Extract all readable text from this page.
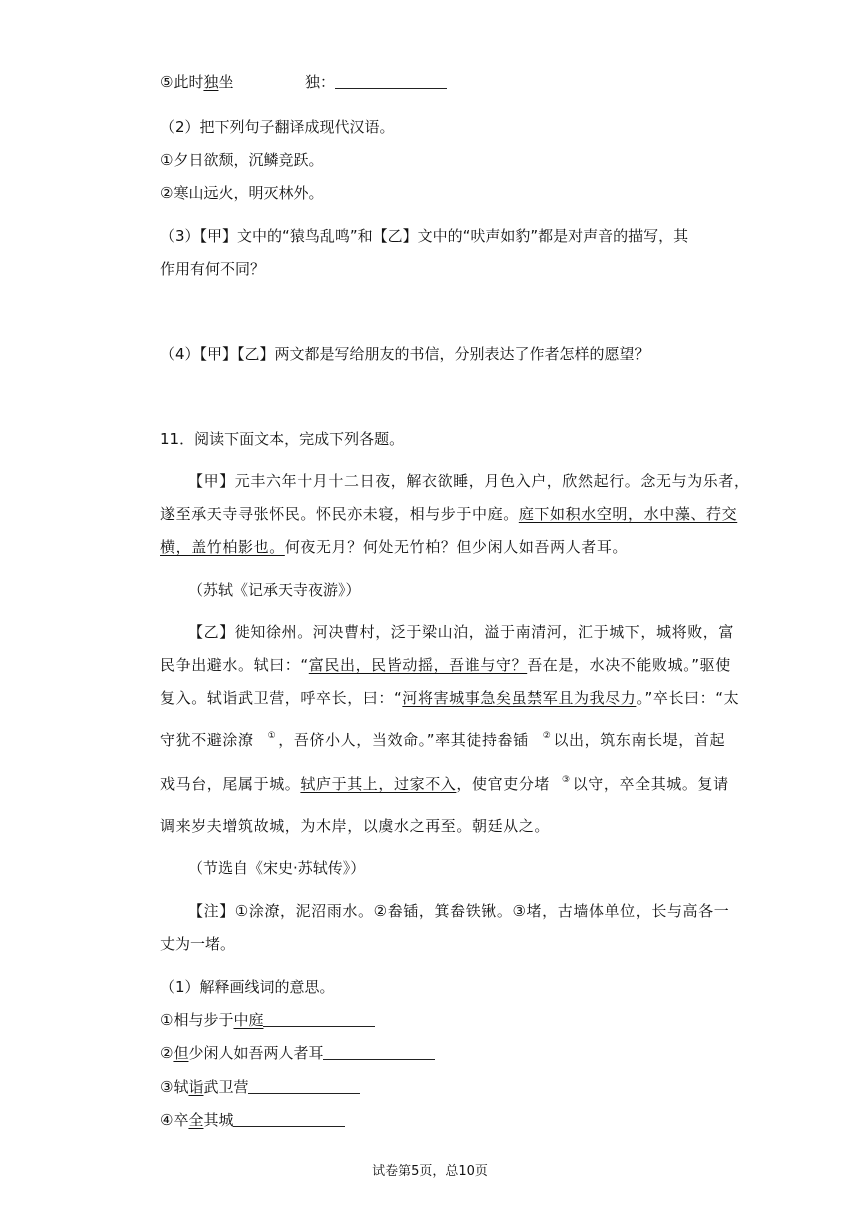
⑤此时独坐	独：
（2）把下列句子翻译成现代汉语。
①夕日欲颓，沉鳞竞跃。
②寒山远火，明灭林外。
（3）【甲】文中的“猿鸟乱鸣”和【乙】文中的“吠声如豹”都是对声音的描写，其
作用有何不同？
（4）【甲】【乙】两文都是写给朋友的书信，分别表达了作者怎样的愿望？
11．阅读下面文本，完成下列各题。
【甲】元丰六年十月十二日夜，解衣欲睡，月色入户，欣然起行。念无与为乐者，
遂至承天寺寻张怀民。怀民亦未寝，相与步于中庭。庭下如积水空明，水中藻、荇交
横，盖竹柏影也。何夜无月？何处无竹柏？但少闲人如吾两人者耳。
（苏轼《记承天寺夜游》）
【乙】徙知徐州。河决曹村，泛于梁山泊，溢于南清河，汇于城下，城将败，富
民争出避水。轼曰：“富民出，民皆动摇，吾谁与守？吾在是，水决不能败城。”驱使
复入。轼诣武卫营，呼卒长，曰：“河将害城事急矣虽禁军且为我尽力。”卒长曰：“太
守犹不避涂潦 ① ，吾侪小人，当效命。”率其徒持畚锸 ② 以出，筑东南长堤，首起
戏马台，尾属于城。轼庐于其上，过家不入，使官吏分堵 ③ 以守，卒全其城。复请
调来岁夫增筑故城，为木岸，以虞水之再至。朝廷从之。
（节选自《宋史·苏轼传》）
【注】①涂潦，泥沼雨水。②畚锸，箕畚铁锹。③堵，古墙体单位，长与高各一
丈为一堵。
（1）解释画线词的意思。
①相与步于中庭
②但少闲人如吾两人者耳
③轼诣武卫营
④卒全其城
试卷第5页，总10页
